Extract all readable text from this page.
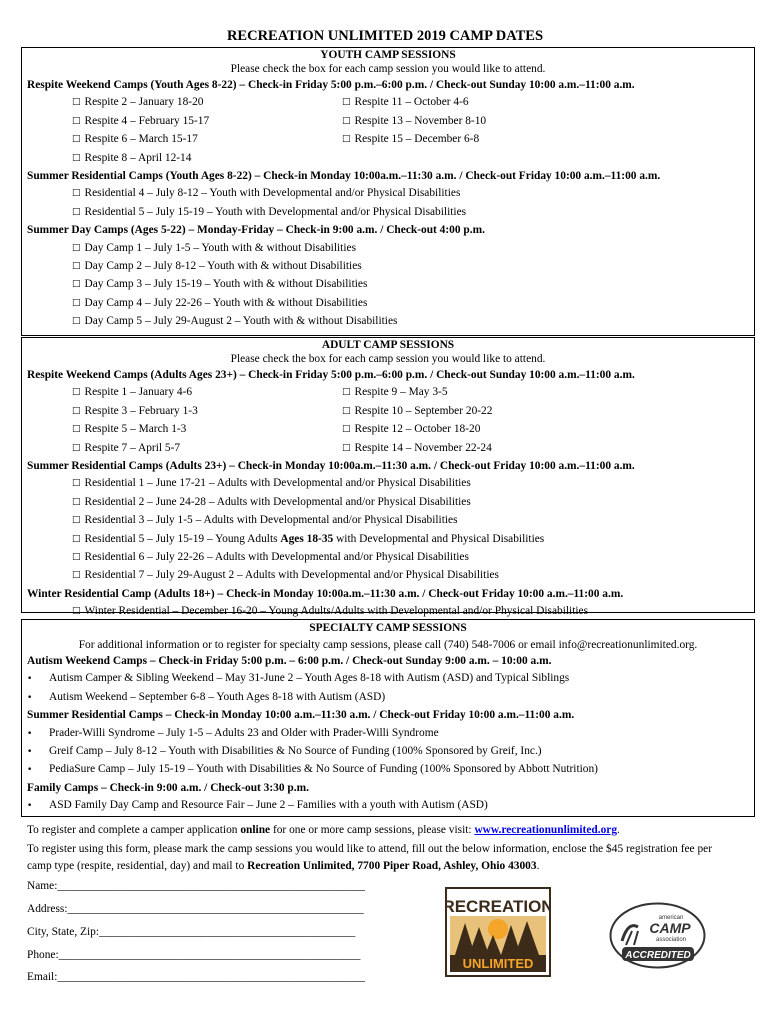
RECREATION UNLIMITED 2019 CAMP DATES
YOUTH CAMP SESSIONS
Please check the box for each camp session you would like to attend.
Respite Weekend Camps (Youth Ages 8-22) – Check-in Friday 5:00 p.m.–6:00 p.m. / Check-out Sunday 10:00 a.m.–11:00 a.m.
□ Respite 2 – January 18-20	□ Respite 11 – October 4-6
□ Respite 4 – February 15-17	□ Respite 13 – November 8-10
□ Respite 6 – March 15-17	□ Respite 15 – December 6-8
□ Respite 8 – April 12-14
Summer Residential Camps (Youth Ages 8-22) – Check-in Monday 10:00a.m.–11:30 a.m. / Check-out Friday 10:00 a.m.–11:00 a.m.
□ Residential 4 – July 8-12 – Youth with Developmental and/or Physical Disabilities
□ Residential 5 – July 15-19 – Youth with Developmental and/or Physical Disabilities
Summer Day Camps (Ages 5-22) – Monday-Friday – Check-in 9:00 a.m. / Check-out 4:00 p.m.
□ Day Camp 1 – July 1-5 – Youth with & without Disabilities
□ Day Camp 2 – July 8-12 – Youth with & without Disabilities
□ Day Camp 3 – July 15-19 – Youth with & without Disabilities
□ Day Camp 4 – July 22-26 – Youth with & without Disabilities
□ Day Camp 5 – July 29-August 2 – Youth with & without Disabilities
ADULT CAMP SESSIONS
Please check the box for each camp session you would like to attend.
Respite Weekend Camps (Adults Ages 23+) – Check-in Friday 5:00 p.m.–6:00 p.m. / Check-out Sunday 10:00 a.m.–11:00 a.m.
□ Respite 1 – January 4-6	□ Respite 9 – May 3-5
□ Respite 3 – February 1-3	□ Respite 10 – September 20-22
□ Respite 5 – March 1-3	□ Respite 12 – October 18-20
□ Respite 7 – April 5-7	□ Respite 14 – November 22-24
Summer Residential Camps (Adults 23+) – Check-in Monday 10:00a.m.–11:30 a.m. / Check-out Friday 10:00 a.m.–11:00 a.m.
□ Residential 1 – June 17-21 – Adults with Developmental and/or Physical Disabilities
□ Residential 2 – June 24-28 – Adults with Developmental and/or Physical Disabilities
□ Residential 3 – July 1-5 – Adults with Developmental and/or Physical Disabilities
□ Residential 5 – July 15-19 – Young Adults Ages 18-35 with Developmental and Physical Disabilities
□ Residential 6 – July 22-26 – Adults with Developmental and/or Physical Disabilities
□ Residential 7 – July 29-August 2 – Adults with Developmental and/or Physical Disabilities
Winter Residential Camp (Adults 18+) – Check-in Monday 10:00a.m.–11:30 a.m. / Check-out Friday 10:00 a.m.–11:00 a.m.
□ Winter Residential – December 16-20 – Young Adults/Adults with Developmental and/or Physical Disabilities
SPECIALTY CAMP SESSIONS
For additional information or to register for specialty camp sessions, please call (740) 548-7006 or email info@recreationunlimited.org.
Autism Weekend Camps – Check-in Friday 5:00 p.m. – 6:00 p.m. / Check-out Sunday 9:00 a.m. – 10:00 a.m.
• Autism Camper & Sibling Weekend – May 31-June 2 – Youth Ages 8-18 with Autism (ASD) and Typical Siblings
• Autism Weekend – September 6-8 – Youth Ages 8-18 with Autism (ASD)
Summer Residential Camps – Check-in Monday 10:00 a.m.–11:30 a.m. / Check-out Friday 10:00 a.m.–11:00 a.m.
• Prader-Willi Syndrome – July 1-5 – Adults 23 and Older with Prader-Willi Syndrome
• Greif Camp – July 8-12 – Youth with Disabilities & No Source of Funding (100% Sponsored by Greif, Inc.)
• PediaSure Camp – July 15-19 – Youth with Disabilities & No Source of Funding (100% Sponsored by Abbott Nutrition)
Family Camps – Check-in 9:00 a.m. / Check-out 3:30 p.m.
• ASD Family Day Camp and Resource Fair – June 2 – Families with a youth with Autism (ASD)
To register and complete a camper application online for one or more camp sessions, please visit: www.recreationunlimited.org.
To register using this form, please mark the camp sessions you would like to attend, fill out the below information, enclose the $45 registration fee per camp type (respite, residential, day) and mail to Recreation Unlimited, 7700 Piper Road, Ashley, Ohio 43003.
Name:______________________________________________________
Address:____________________________________________________
City, State, Zip:_____________________________________________
Phone:_____________________________________________________
Email:______________________________________________________
RECREATION
UNLIMITED
american
CAMP
association
ACCREDITED
